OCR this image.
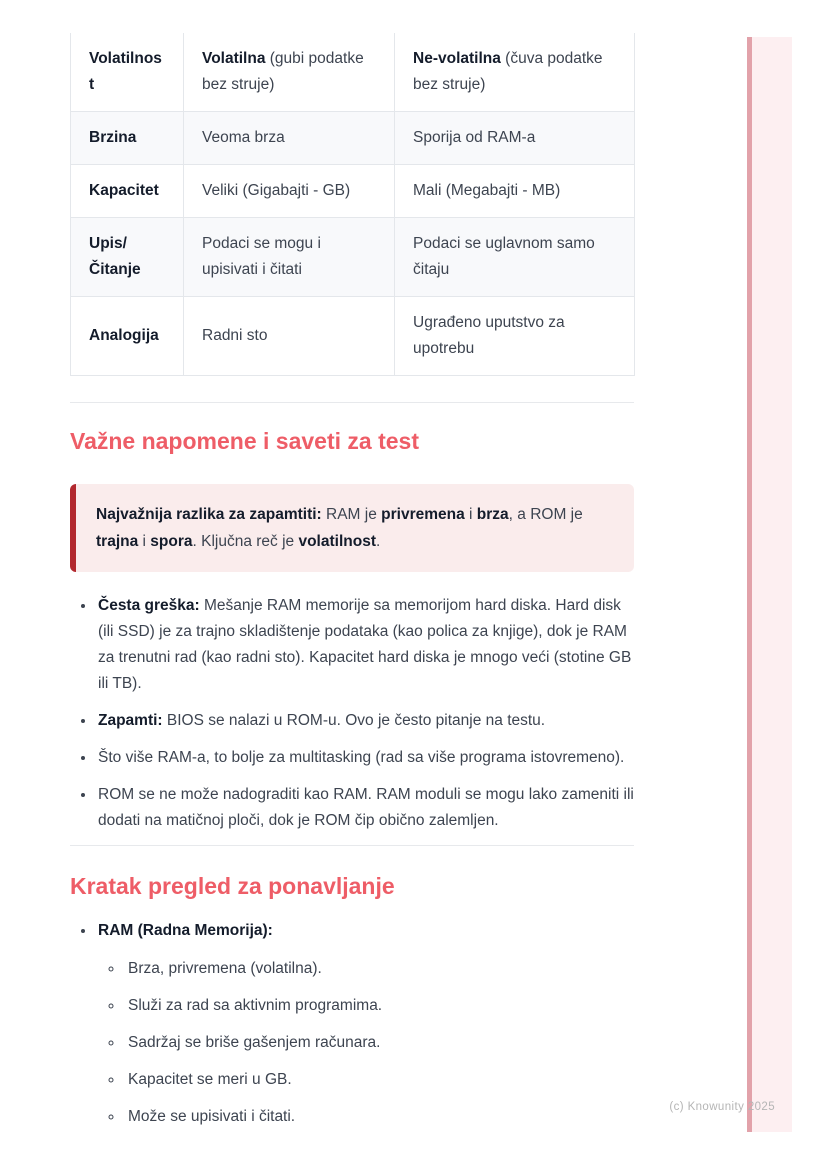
Volatilnost	Volatilna (gubi podatke bez struje)	Ne-volatilna (čuva podatke bez struje)
Brzina	Veoma brza	Sporija od RAM-a
Kapacitet	Veliki (Gigabajti - GB)	Mali (Megabajti - MB)
Upis/Čitanje	Podaci se mogu i upisivati i čitati	Podaci se uglavnom samo čitaju
Analogija	Radni sto	Ugrađeno uputstvo za upotrebu
Važne napomene i saveti za test
Najvažnija razlika za zapamtiti: RAM je privremena i brza, a ROM je trajna i spora. Ključna reč je volatilnost.
• Česta greška: Mešanje RAM memorije sa memorijom hard diska. Hard disk (ili SSD) je za trajno skladištenje podataka (kao polica za knjige), dok je RAM za trenutni rad (kao radni sto). Kapacitet hard diska je mnogo veći (stotine GB ili TB).
• Zapamti: BIOS se nalazi u ROM-u. Ovo je često pitanje na testu.
• Što više RAM-a, to bolje za multitasking (rad sa više programa istovremeno).
• ROM se ne može nadograditi kao RAM. RAM moduli se mogu lako zameniti ili dodati na matičnoj ploči, dok je ROM čip obično zalemljen.
Kratak pregled za ponavljanje
• RAM (Radna Memorija):
◦ Brza, privremena (volatilna).
◦ Služi za rad sa aktivnim programima.
◦ Sadržaj se briše gašenjem računara.
◦ Kapacitet se meri u GB.
◦ Može se upisivati i čitati.
(c) Knowunity 2025
